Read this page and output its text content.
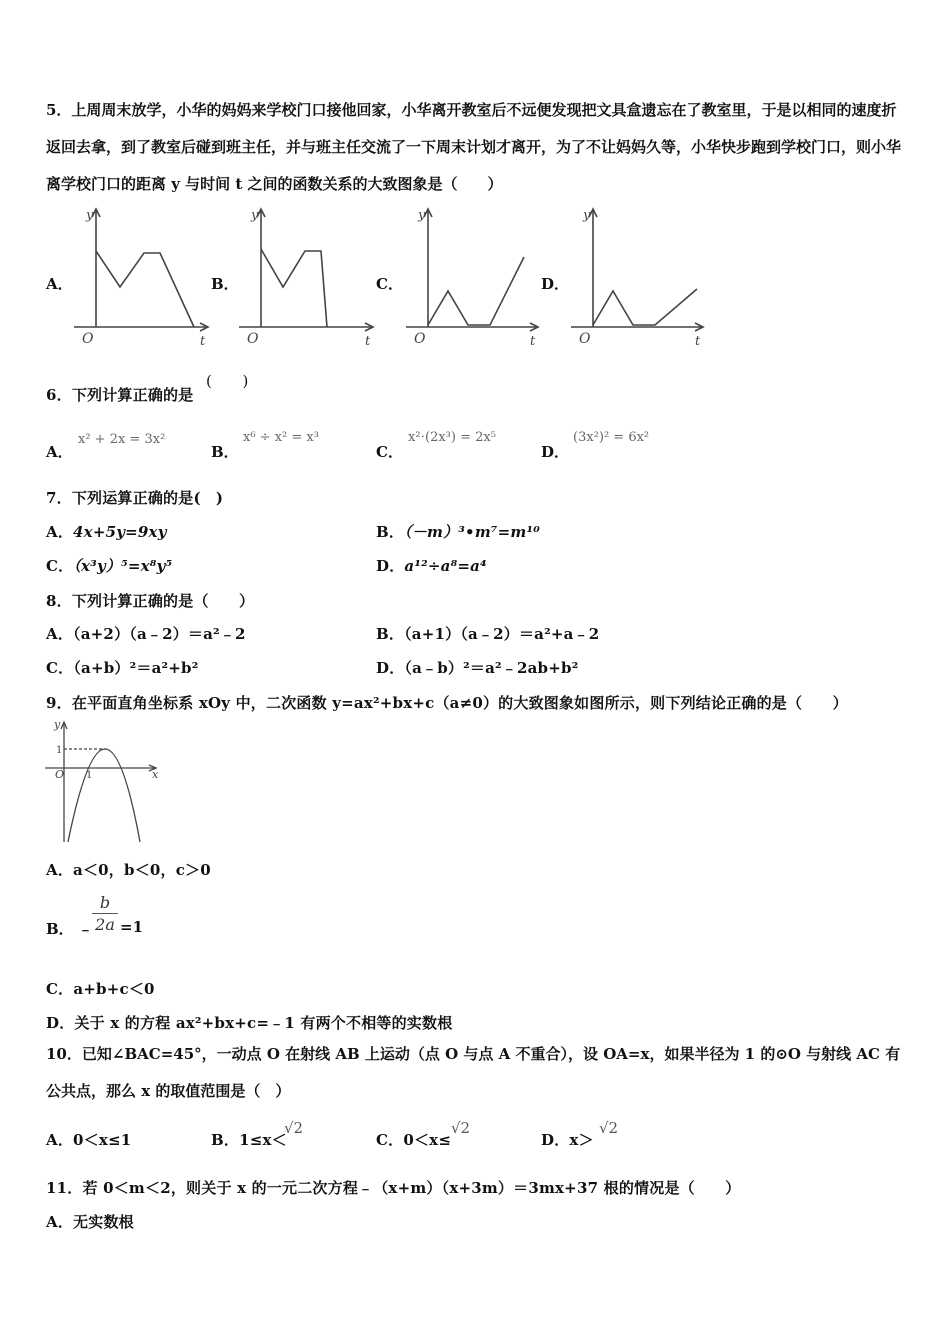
5．上周周末放学，小华的妈妈来学校门口接他回家，小华离开教室后不远便发现把文具盒遗忘在了教室里，于是以相同的速度折返回去拿，到了教室后碰到班主任，并与班主任交流了一下周末计划才离开，为了不让妈妈久等，小华快步跑到学校门口，则小华离学校门口的距离 y 与时间 t 之间的函数关系的大致图象是（　　）
A．	B．	C．	D．
y
O	t
y
O	t
y
O	t
y
O	t
6．下列计算正确的是
(　　)
A．
x² + 2x = 3x²
B．
x⁶ ÷ x² = x³
C．
x²⋅(2x³) = 2x⁵
D．
(3x²)² = 6x²
7．下列运算正确的是(　)
A．4x+5y=9xy	B．（－m）³•m⁷=m¹⁰
C．（x³y）⁵=x⁸y⁵	D．a¹²÷a⁸=a⁴
8．下列计算正确的是（　　）
A．（a+2）（a﹣2）＝a²﹣2	B．（a+1）（a﹣2）＝a²+a﹣2
C．（a+b）²＝a²+b²	D．（a﹣b）²＝a²﹣2ab+b²
9．在平面直角坐标系 xOy 中，二次函数 y=ax²+bx+c（a≠0）的大致图象如图所示，则下列结论正确的是（　　）
y
x
1
O 1
A．a＜0，b＜0，c＞0
B． ﹣
$\frac{b}{2a} =1$
C．a+b+c＜0
D．关于 x 的方程 ax²+bx+c=﹣1 有两个不相等的实数根
10．已知∠BAC=45°，一动点 O 在射线 AB 上运动（点 O 与点 A 不重合），设 OA=x，如果半径为 1 的⊙O 与射线 AC 有公共点，那么 x 的取值范围是（　）
A．0＜x≤1	B．1≤x＜
√2
C．0＜x≤
√2
D．x＞
√2
11．若 0＜m＜2，则关于 x 的一元二次方程﹣（x+m）（x+3m）＝3mx+37 根的情况是（　　）
A．无实数根
